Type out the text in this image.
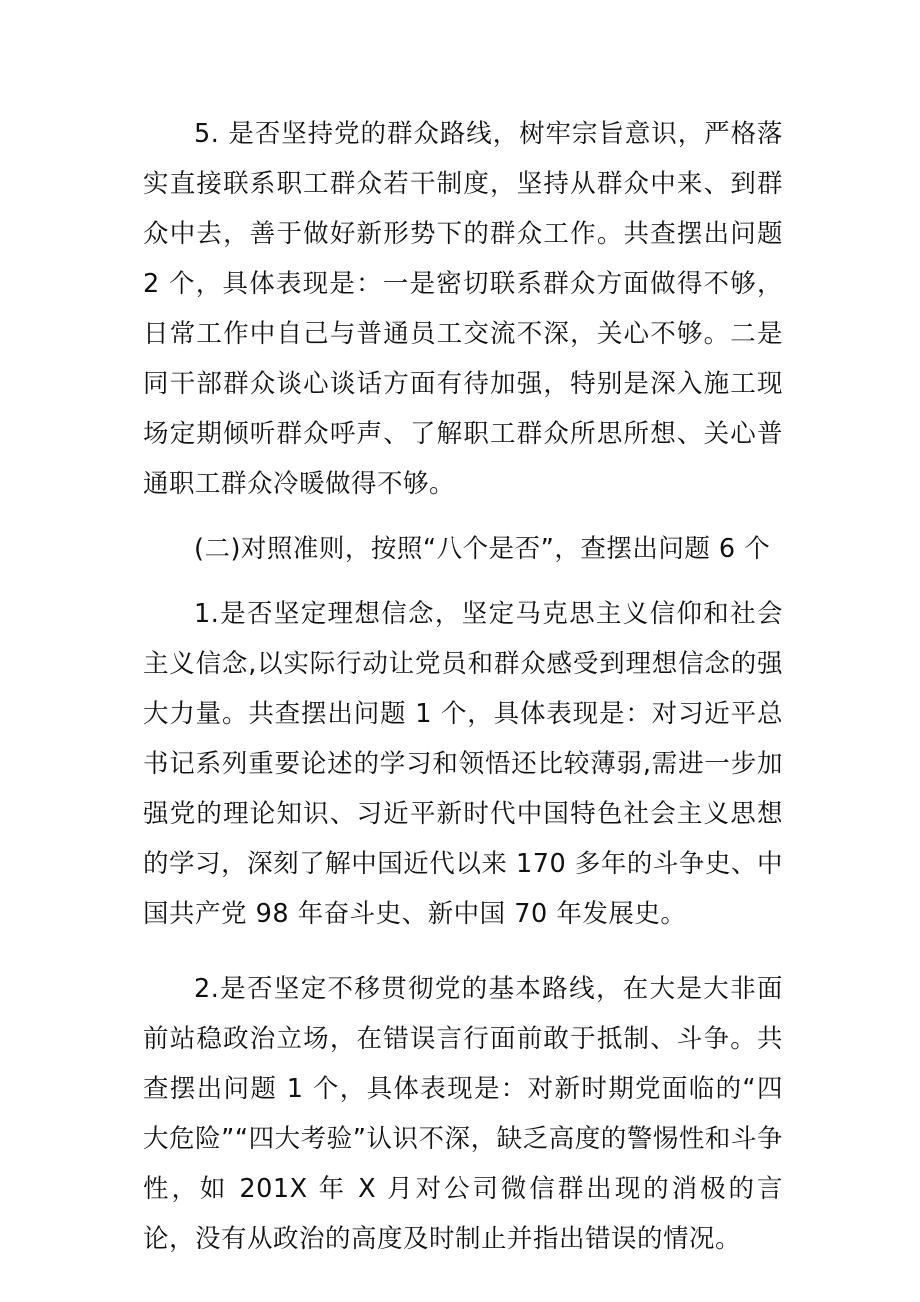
5. 是否坚持党的群众路线，树牢宗旨意识，严格落实直接联系职工群众若干制度，坚持从群众中来、到群众中去，善于做好新形势下的群众工作。共查摆出问题 2 个，具体表现是：一是密切联系群众方面做得不够，日常工作中自己与普通员工交流不深，关心不够。二是同干部群众谈心谈话方面有待加强，特别是深入施工现场定期倾听群众呼声、了解职工群众所思所想、关心普通职工群众冷暖做得不够。

(二)对照准则，按照“八个是否”，查摆出问题 6 个

1.是否坚定理想信念，坚定马克思主义信仰和社会主义信念,以实际行动让党员和群众感受到理想信念的强大力量。共查摆出问题 1 个，具体表现是：对习近平总书记系列重要论述的学习和领悟还比较薄弱,需进一步加强党的理论知识、习近平新时代中国特色社会主义思想的学习，深刻了解中国近代以来 170 多年的斗争史、中国共产党 98 年奋斗史、新中国 70 年发展史。

2.是否坚定不移贯彻党的基本路线，在大是大非面前站稳政治立场，在错误言行面前敢于抵制、斗争。共查摆出问题 1 个，具体表现是：对新时期党面临的“四大危险”“四大考验”认识不深，缺乏高度的警惕性和斗争性，如 201X 年 X 月对公司微信群出现的消极的言论，没有从政治的高度及时制止并指出错误的情况。
